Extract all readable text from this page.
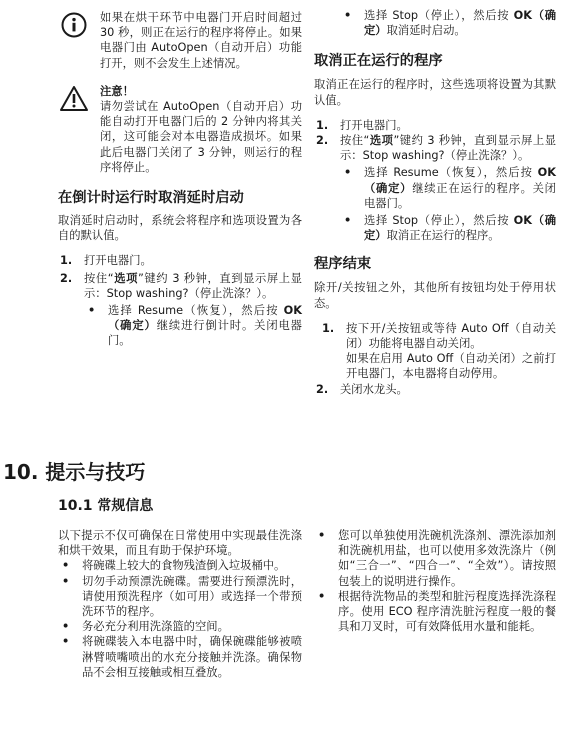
如果在烘干环节中电器门开启时间超过 30 秒，则正在运行的程序将停止。如果电器门由 AutoOpen（自动开启）功能打开，则不会发生上述情况。

注意！

请勿尝试在 AutoOpen（自动开启）功能自动打开电器门后的 2 分钟内将其关闭，这可能会对本电器造成损坏。如果此后电器门关闭了 3 分钟，则运行的程序将停止。

在倒计时运行时取消延时启动

取消延时启动时，系统会将程序和选项设置为各自的默认值。

1. 打开电器门。
2. 按住“选项”键约 3 秒钟，直到显示屏上显示：Stop washing?（停止洗涤？）。
• 选择 Resume（恢复），然后按 OK（确定）继续进行倒计时。关闭电器门。
• 选择 Stop（停止），然后按 OK（确定）取消延时启动。
取消正在运行的程序

取消正在运行的程序时，这些选项将设置为其默认值。

1. 打开电器门。
2. 按住“选项”键约 3 秒钟，直到显示屏上显示：Stop washing?（停止洗涤？）。
• 选择 Resume（恢复），然后按 OK（确定）继续正在运行的程序。关闭电器门。
• 选择 Stop（停止），然后按 OK（确定）取消正在运行的程序。
程序结束

除开/关按钮之外，其他所有按钮均处于停用状态。

1. 按下开/关按钮或等待 Auto Off（自动关闭）功能将电器自动关闭。
如果在启用 Auto Off（自动关闭）之前打开电器门，本电器将自动停用。
2. 关闭水龙头。
10. 提示与技巧
10.1 常规信息

以下提示不仅可确保在日常使用中实现最佳洗涤和烘干效果，而且有助于保护环境。

• 将碗碟上较大的食物残渣倒入垃圾桶中。
• 切勿手动预漂洗碗碟。需要进行预漂洗时，请使用预洗程序（如可用）或选择一个带预洗环节的程序。
• 务必充分利用洗涤篮的空间。
• 将碗碟装入本电器中时，确保碗碟能够被喷淋臂喷嘴喷出的水充分接触并洗涤。确保物品不会相互接触或相互叠放。
• 您可以单独使用洗碗机洗涤剂、漂洗添加剂和洗碗机用盐，也可以使用多效洗涤片（例如“三合一”、“四合一”、“全效”）。请按照包装上的说明进行操作。
• 根据待洗物品的类型和脏污程度选择洗涤程序。使用 ECO 程序清洗脏污程度一般的餐具和刀叉时，可有效降低用水量和能耗。
